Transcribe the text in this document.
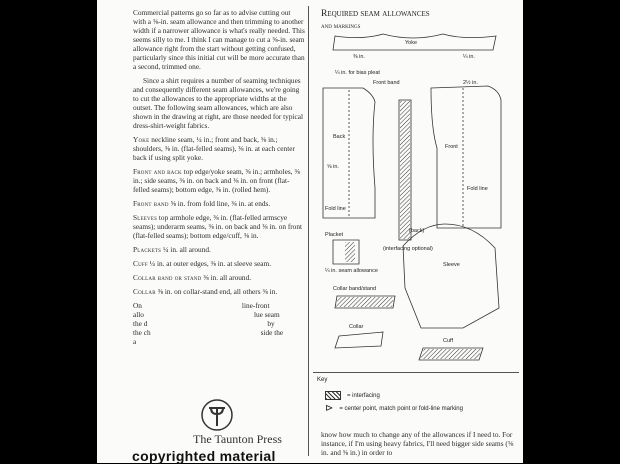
Commercial patterns go so far as to advise cutting out with a ⅝-in. seam allowance and then trimming to another width if a narrower allowance is what's really needed. This seems silly to me. I think I can manage to cut a ⅝-in. seam allowance right from the start without getting confused, particularly since this initial cut will be more accurate than a second, trimmed one.

Since a shirt requires a number of seaming techniques and consequently different seam allowances, we're going to cut the allowances to the appropriate widths at the outset. The following seam allowances, which are also shown in the drawing at right, are those needed for typical dress-shirt-weight fabrics.

Yoke neckline seam, ¼ in.; front and back, ⅝ in.; shoulders, ⅜ in. (flat-felled seams), ⅜ in. at each center back if using split yoke.

Front and back top edge/yoke seam, ⅝ in.; armholes, ⅜ in.; side seams, ⅜ in. on back and ⅜ in. on front (flat-felled seams); bottom edge, ⅜ in. (rolled hem).

Front band ⅝ in. from fold line, ⅜ in. at ends.

Sleeves top armhole edge, ⅜ in. (flat-felled armscye seams); underarm seams, ⅜ in. on back and ⅜ in. on front (flat-felled seams); bottom edge/cuff, ⅜ in.

Plackets ¼ in. all around.

Cuff ¼ in. at outer edges, ⅜ in. at sleeve seam.

Collar band or stand ⅜ in. all around.

Collar ⅜ in. on collar-stand end, all others ⅜ in.

On	line-front

allo	lue seam

the d	by

the ch	side the

a

Required seam allowances
and markings
Yoke
¼ in. for bias pleat
Back
Fold line
Front band
(interfacing optional)
Front
Fold line
2½ in.
Placket
¼ in. seam allowance
(back)
Sleeve
Collar band/stand
Collar
Cuff
⅜ in.	¼ in.
⅝ in.
Key
= interfacing
⊳ = center point, match point or fold-line marking
know how much to change any of the allowances if I need to. For instance, if I'm using heavy fabrics, I'll need bigger side seams (⅝ in. and ⅝ in.) in order to
The Taunton Press
copyrighted material
